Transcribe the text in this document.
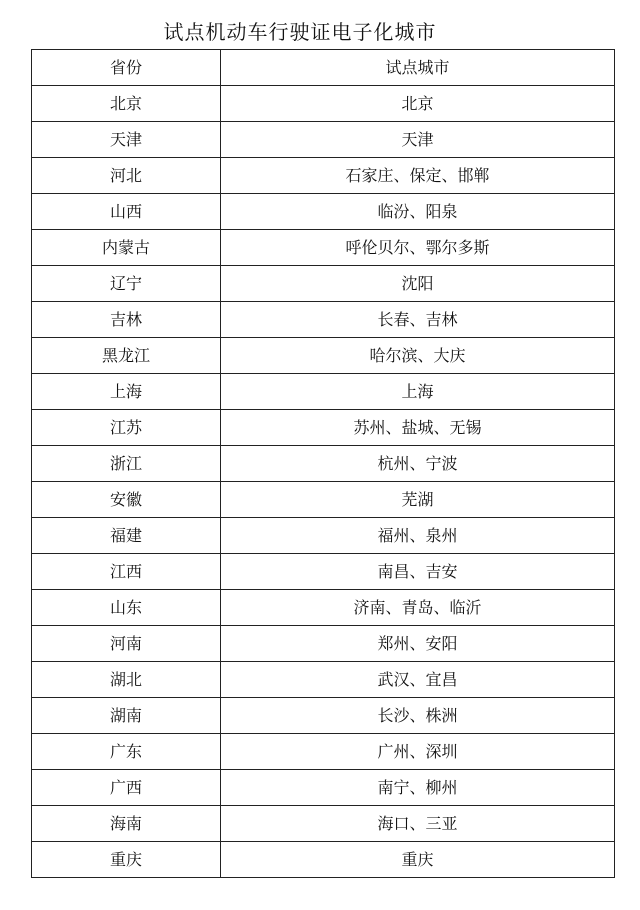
试点机动车行驶证电子化城市
省份	试点城市
北京	北京
天津	天津
河北	石家庄、保定、邯郸
山西	临汾、阳泉
内蒙古	呼伦贝尔、鄂尔多斯
辽宁	沈阳
吉林	长春、吉林
黑龙江	哈尔滨、大庆
上海	上海
江苏	苏州、盐城、无锡
浙江	杭州、宁波
安徽	芜湖
福建	福州、泉州
江西	南昌、吉安
山东	济南、青岛、临沂
河南	郑州、安阳
湖北	武汉、宜昌
湖南	长沙、株洲
广东	广州、深圳
广西	南宁、柳州
海南	海口、三亚
重庆	重庆
